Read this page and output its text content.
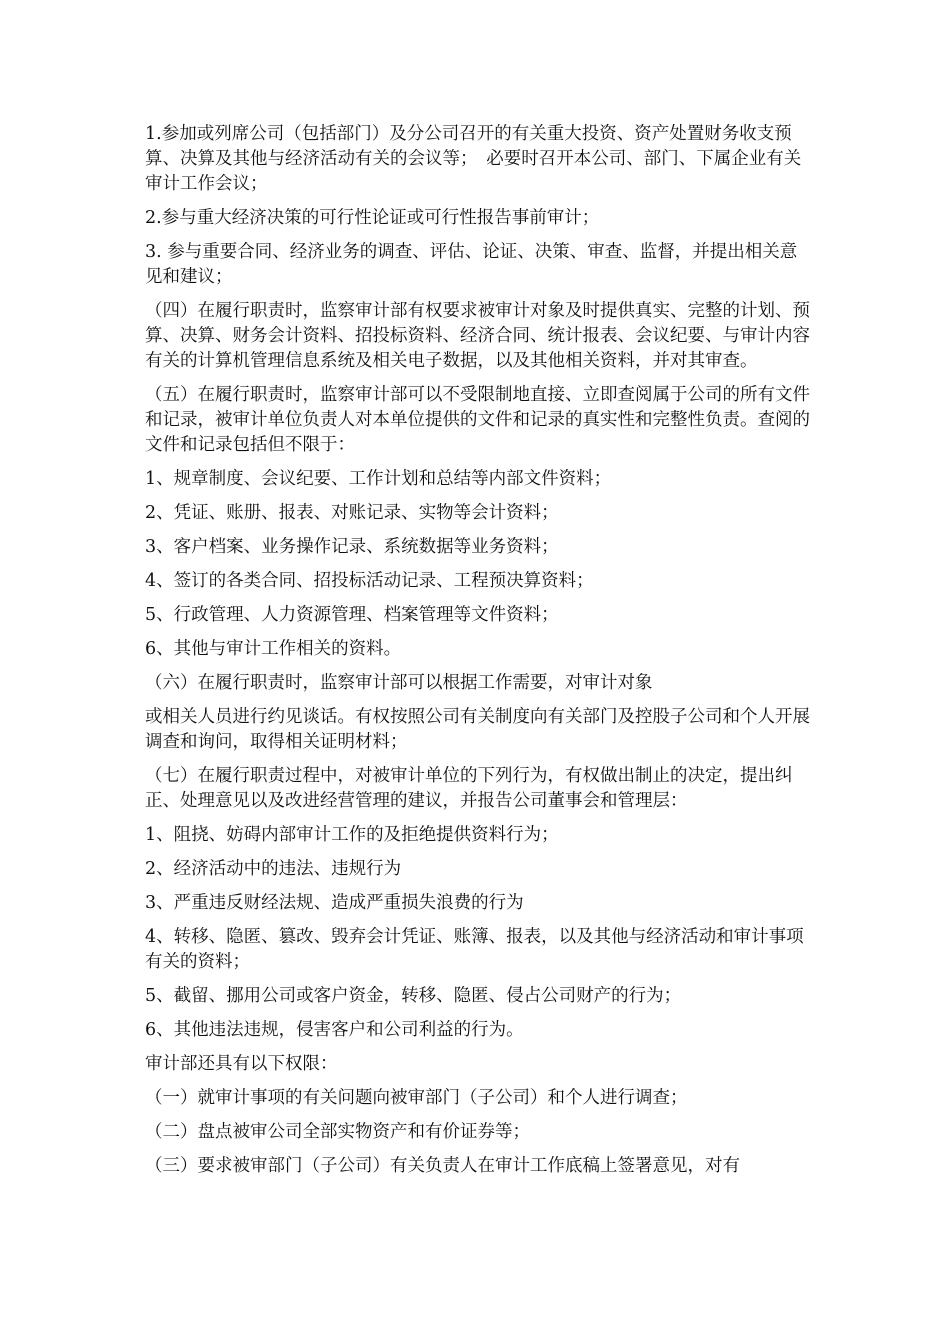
1.参加或列席公司（包括部门）及分公司召开的有关重大投资、资产处置财务收支预算、决算及其他与经济活动有关的会议等；　必要时召开本公司、部门、下属企业有关审计工作会议；

2.参与重大经济决策的可行性论证或可行性报告事前审计；

3. 参与重要合同、经济业务的调查、评估、论证、决策、审查、监督，并提出相关意见和建议；

（四）在履行职责时，监察审计部有权要求被审计对象及时提供真实、完整的计划、预算、决算、财务会计资料、招投标资料、经济合同、统计报表、会议纪要、与审计内容有关的计算机管理信息系统及相关电子数据，以及其他相关资料，并对其审查。

（五）在履行职责时，监察审计部可以不受限制地直接、立即查阅属于公司的所有文件和记录，被审计单位负责人对本单位提供的文件和记录的真实性和完整性负责。查阅的文件和记录包括但不限于：

1、规章制度、会议纪要、工作计划和总结等内部文件资料；

2、凭证、账册、报表、对账记录、实物等会计资料；

3、客户档案、业务操作记录、系统数据等业务资料；

4、签订的各类合同、招投标活动记录、工程预决算资料；

5、行政管理、人力资源管理、档案管理等文件资料；

6、其他与审计工作相关的资料。

（六）在履行职责时，监察审计部可以根据工作需要，对审计对象

或相关人员进行约见谈话。有权按照公司有关制度向有关部门及控股子公司和个人开展调查和询问，取得相关证明材料；

（七）在履行职责过程中，对被审计单位的下列行为，有权做出制止的决定，提出纠正、处理意见以及改进经营管理的建议，并报告公司董事会和管理层：

1、阻挠、妨碍内部审计工作的及拒绝提供资料行为；

2、经济活动中的违法、违规行为

3、严重违反财经法规、造成严重损失浪费的行为

4、转移、隐匿、篡改、毁弃会计凭证、账簿、报表，以及其他与经济活动和审计事项有关的资料；

5、截留、挪用公司或客户资金，转移、隐匿、侵占公司财产的行为；

6、其他违法违规，侵害客户和公司利益的行为。

审计部还具有以下权限：

（一）就审计事项的有关问题向被审部门（子公司）和个人进行调查；

（二）盘点被审公司全部实物资产和有价证券等；

（三）要求被审部门（子公司）有关负责人在审计工作底稿上签署意见，对有
